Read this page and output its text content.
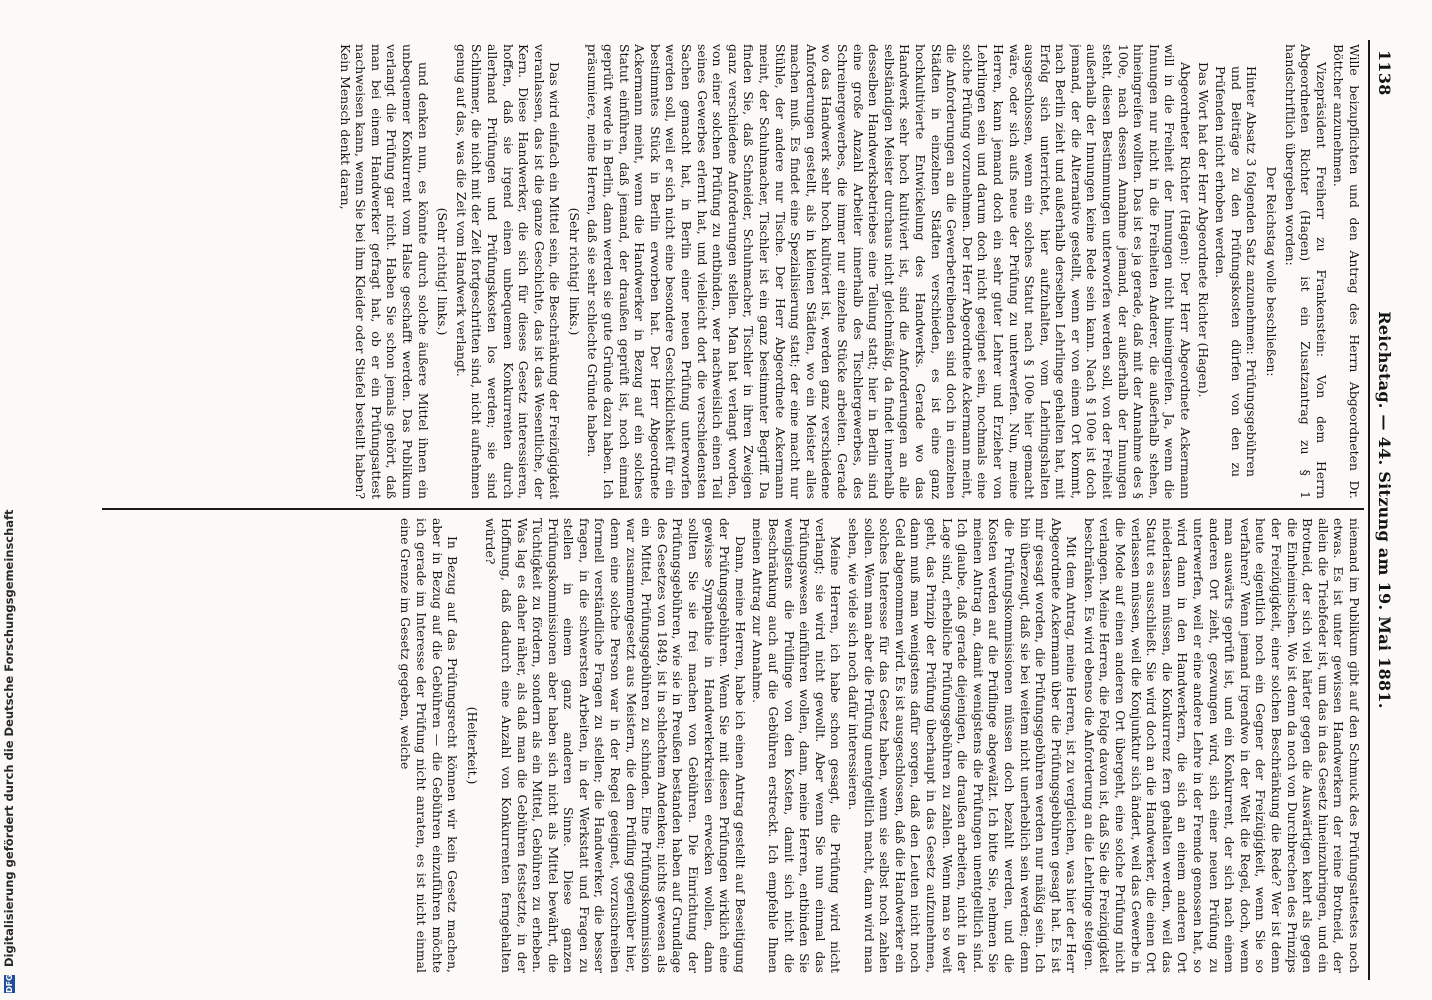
1138
Reichstag. — 44. Sitzung am 19. Mai 1881.

Wille beizupflichten und den Antrag des Herrn Abgeordneten Dr. Böttcher anzunehmen.

Vizepräsident Freiherr zu Frankenstein: Von dem Herrn Abgeordneten Richter (Hagen) ist ein Zusatzantrag zu § 1 handschriftlich übergeben worden:

Der Reichstag wolle beschließen:

Hinter Absatz 3 folgenden Satz anzunehmen: Prüfungsgebühren und Beiträge zu den Prüfungskosten dürfen von den zu Prüfenden nicht erhoben werden.

Das Wort hat der Herr Abgeordnete Richter (Hagen).

Abgeordneter Richter (Hagen): Der Herr Abgeordnete Ackermann will in die Freiheit der Innungen nicht hineingreifen. Ja, wenn die Innungen nur nicht in die Freiheiten Anderer, die außerhalb stehen, hineingreifen wollten. Das ist es ja gerade, daß mit der Annahme des § 100e, nach dessen Annahme jemand, der außerhalb der Innungen steht, diesen Bestimmungen unterworfen werden soll, von der Freiheit außerhalb der Innungen keine Rede sein kann. Nach § 100e ist doch jemand, der die Alternative gestellt, wenn er von einem Ort kommt, nach Berlin zieht und außerhalb derselben Lehrlinge gehalten hat, mit Erfolg sich unterrichtet, hier aufzuhalten, vom Lehrlingshalten ausgeschlossen, wenn ein solches Statut nach § 100e hier gemacht wäre, oder sich aufs neue der Prüfung zu unterwerfen. Nun, meine Herren, kann jemand doch ein sehr guter Lehrer und Erzieher von Lehrlingen sein und darum doch nicht geeignet sein, nochmals eine solche Prüfung vorzunehmen. Der Herr Abgeordnete Ackermann meint, die Anforderungen an die Gewerbetreibenden sind doch in einzelnen Städten in einzelnen Städten verschieden, es ist eine ganz hochkultivierte Entwickelung des Handwerks. Gerade wo das Handwerk sehr hoch kultiviert ist, sind die Anforderungen an alle selbständigen Meister durchaus nicht gleichmäßig, da findet innerhalb desselben Handwerksbetriebes eine Teilung statt; hier in Berlin sind eine große Anzahl Arbeiter innerhalb des Tischlergewerbes, des Schreinergewerbes, die immer nur einzelne Stücke arbeiten. Gerade wo das Handwerk sehr hoch kultiviert ist, werden ganz verschiedene Anforderungen gestellt, als in kleinen Städten, wo ein Meister alles machen muß. Es findet eine Spezialisierung statt; der eine macht nur Stühle, der andere nur Tische. Der Herr Abgeordnete Ackermann meint, der Schuhmacher, Tischler ist ein ganz bestimmter Begriff. Da finden Sie, daß Schneider, Schuhmacher, Tischler in ihren Zweigen ganz verschiedene Anforderungen stellen. Man hat verlangt worden, von einer solchen Prüfung zu entbinden, wer nachweislich einen Teil seines Gewerbes erlernt hat, und vielleicht dort die verschiedensten Sachen gemacht hat, in Berlin einer neuen Prüfung unterworfen werden soll, weil er sich nicht eine besondere Geschicklichkeit für ein bestimmtes Stück in Berlin erworben hat. Der Herr Abgeordnete Ackermann meint, wenn die Handwerker in Bezug auf ein solches Statut einführen, daß jemand, der draußen geprüft ist, noch einmal geprüft werde in Berlin, dann werden sie gute Gründe dazu haben. Ich präsumiere, meine Herren, daß sie sehr schlechte Gründe haben.

(Sehr richtig! links.)

Das wird einfach ein Mittel sein, die Beschränkung der Freizügigkeit veranlassen, das ist die ganze Geschichte, das ist das Wesentliche, der Kern. Diese Handwerker, die sich für dieses Gesetz interessieren, hoffen, daß sie irgend einen unbequemen Konkurrenten durch allerhand Prüfungen und Prüfungskosten los werden; sie sind Schlimmer, die nicht mit der Zeit fortgeschritten sind, nicht aufnehmen genug auf das, was die Zeit vom Handwerk verlangt.

(Sehr richtig! links.)

und denken nun, es könnte durch solche äußere Mittel ihnen ein unbequemer Konkurrent vom Halse geschafft werden. Das Publikum verlangt die Prüfung gar nicht. Haben Sie schon jemals gehört, daß man bei einem Handwerker gefragt hat, ob er ein Prüfungsattest nachweisen kann, wenn Sie bei ihm Kleider oder Stiefel bestellt haben? Kein Mensch denkt daran,

niemand im Publikum gibt auf den Schmuck des Prüfungsattestes noch etwas. Es ist unter gewissen Handwerkern der reine Brotneid, der allein die Triebfeder ist, um das in das Gesetz hineinzubringen, und ein Brotneid, der sich viel härter gegen die Auswärtigen kehrt als gegen die Einheimischen. Wo ist denn da noch von Durchbrechen des Prinzips der Freizügigkeit, einer solchen Beschränkung die Rede? Wer ist denn heute eigentlich noch ein Gegner der Freizügigkeit, wenn Sie so verfahren? Wenn jemand irgendwo in der Welt die Regel, doch, wenn man auswärts geprüft ist, und ein Konkurrent, der sich nach einem anderen Ort zieht, gezwungen wird, sich einer neuen Prüfung zu unterwerfen, weil er eine andere Lehre in der Fremde genossen hat, so wird dann in den Handwerkern, die sich an einem anderen Ort niederlassen müssen, die Konkurrenz fern gehalten werden, weil das Statut es ausschließt. Sie wird doch an die Handwerker, die einen Ort verlassen müssen, weil die Konjunktur sich ändert, weil das Gewerbe in die Mode auf einen anderen Ort übergeht, eine solche Prüfung nicht verlangen. Meine Herren, die Folge davon ist, daß Sie die Freizügigkeit beschränken. Es wird ebenso die Anforderung an die Lehrlinge steigen.

Mit dem Antrag, meine Herren, ist zu vergleichen, was hier der Herr Abgeordnete Ackermann über die Prüfungsgebühren gesagt hat. Es ist mir gesagt worden, die Prüfungsgebühren werden nur mäßig sein. Ich bin überzeugt, daß sie bei weitem nicht unerheblich sein werden; denn die Prüfungskommissionen müssen doch bezahlt werden, und die Kosten werden auf die Prüflinge abgewälzt. Ich bitte Sie, nehmen Sie meinen Antrag an, damit wenigstens die Prüfungen unentgeltlich sind. Ich glaube, daß gerade diejenigen, die draußen arbeiten, nicht in der Lage sind, erhebliche Prüfungsgebühren zu zahlen. Wenn man so weit geht, das Prinzip der Prüfung überhaupt in das Gesetz aufzunehmen, dann muß man wenigstens dafür sorgen, daß den Leuten nicht noch Geld abgenommen wird. Es ist ausgeschlossen, daß die Handwerker ein solches Interesse für das Gesetz haben, wenn sie selbst noch zahlen sollen. Wenn man aber die Prüfung unentgeltlich macht, dann wird man sehen, wie viele sich noch dafür interessieren.

Meine Herren, ich habe schon gesagt, die Prüfung wird nicht verlangt; sie wird nicht gewollt. Aber wenn Sie nun einmal das Prüfungswesen einführen wollen, dann, meine Herren, entbinden Sie wenigstens die Prüflinge von den Kosten, damit sich nicht die Beschränkung auch auf die Gebühren erstreckt. Ich empfehle Ihnen meinen Antrag zur Annahme.

Dann, meine Herren, habe ich einen Antrag gestellt auf Beseitigung der Prüfungsgebühren. Wenn Sie mit diesen Prüfungen wirklich eine gewisse Sympathie in Handwerkerkreisen erwecken wollen, dann sollten Sie sie frei machen von Gebühren. Die Einrichtung der Prüfungsgebühren, wie sie in Preußen bestanden haben auf Grundlage des Gesetzes von 1849, ist in schlechtem Andenken; nichts gewesen als ein Mittel, Prüfungsgebühren zu schinden. Eine Prüfungskommission war zusammengesetzt aus Meistern, die dem Prüfling gegenüber hier, denn eine solche Person war in der Regel geeignet, vorzuschreiben formell verständliche Fragen zu stellen; die Handwerker, die besser fragen, in die schwersten Arbeiten, in der Werkstatt und Fragen zu stellen in einem ganz anderen Sinne. Diese ganzen Prüfungskommissionen aber haben sich nicht als Mittel bewährt, die Tüchtigkeit zu fördern, sondern als ein Mittel, Gebühren zu erheben. Was lag es daher näher, als daß man die Gebühren festsetzte, in der Hoffnung, daß dadurch eine Anzahl von Konkurrenten ferngehalten würde?

(Heiterkeit.)

In Bezug auf das Prüfungsrecht können wir kein Gesetz machen, aber in Bezug auf die Gebühren — die Gebühren einzuführen möchte ich gerade im Interesse der Prüfung nicht anraten, es ist nicht einmal eine Grenze im Gesetz gegeben, welche

DFG
Digitalisierung gefördert durch die Deutsche Forschungsgemeinschaft
